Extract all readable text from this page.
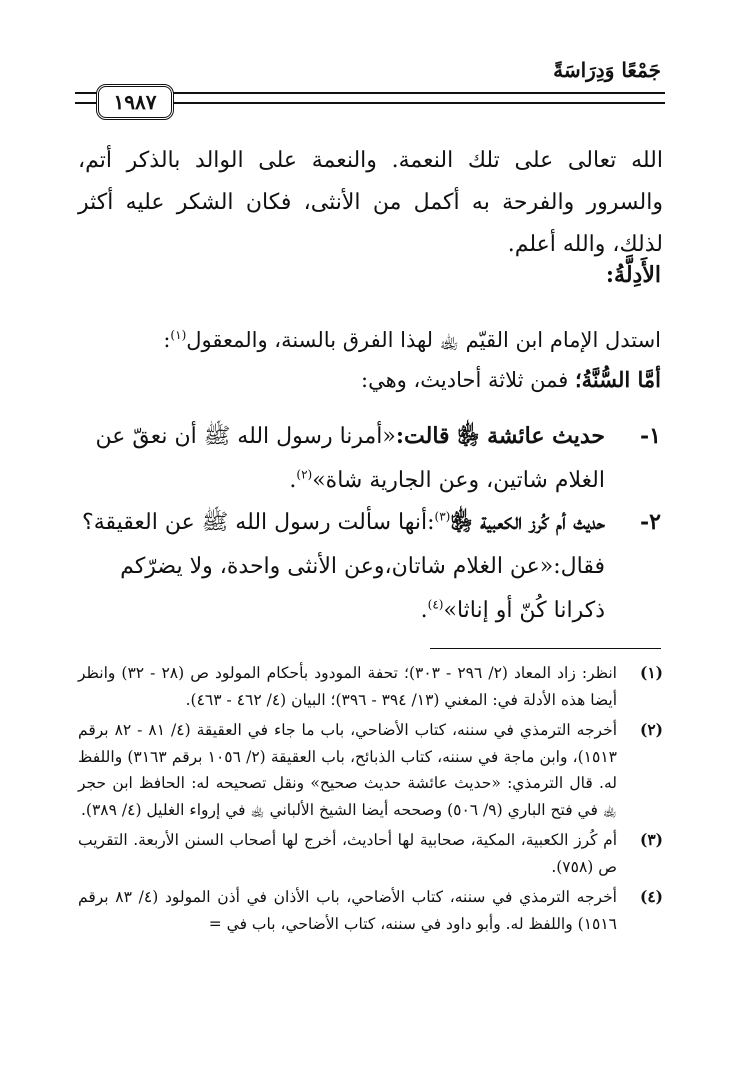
جَمْعًا وَدِرَاسَةً
١٩٨٧
الله تعالى على تلك النعمة. والنعمة على الوالد بالذكر أتم، والسرور والفرحة به أكمل من الأنثى، فكان الشكر عليه أكثر لذلك، والله أعلم.
الأَدِلَّةُ:
استدل الإمام ابن القيّم ﵀ لهذا الفرق بالسنة، والمعقول$^{(١)}$:
أمَّا السُّنَّةُ؛ فمن ثلاثة أحاديث، وهي:
١-
حديث عائشة ﵂ قالت:«أمرنا رسول الله ﷺ أن نعقّ عن الغلام شاتين، وعن الجارية شاة»$^{(٢)}$.
٢-
حديث أم كُرز الكعبية ﵂$^{(٣)}$:أنها سألت رسول الله ﷺ عن العقيقة؟فقال:«عن الغلام شاتان،وعن الأنثى واحدة، ولا يضرّكم ذكرانا كُنّ أو إناثا»$^{(٤)}$.
(١)
انظر: زاد المعاد (٢/ ٢٩٦ - ٣٠٣)؛ تحفة المودود بأحكام المولود ص (٢٨ - ٣٢) وانظر أيضا هذه الأدلة في: المغني (١٣/ ٣٩٤ - ٣٩٦)؛ البيان (٤/ ٤٦٢ - ٤٦٣).
(٢)
أخرجه الترمذي في سننه، كتاب الأضاحي، باب ما جاء في العقيقة (٤/ ٨١ - ٨٢ برقم ١٥١٣)، وابن ماجة في سننه، كتاب الذبائح، باب العقيقة (٢/ ١٠٥٦ برقم ٣١٦٣) واللفظ له. قال الترمذي: «حديث عائشة حديث صحيح» ونقل تصحيحه له: الحافظ ابن حجر ﵀ في فتح الباري (٩/ ٥٠٦) وصححه أيضا الشيخ الألباني ﵀ في إرواء الغليل (٤/ ٣٨٩).
(٣)
أم كُرز الكعبية، المكية، صحابية لها أحاديث، أخرج لها أصحاب السنن الأربعة. التقريب ص (٧٥٨).
(٤)
أخرجه الترمذي في سننه، كتاب الأضاحي، باب الأذان في أذن المولود (٤/ ٨٣ برقم ١٥١٦) واللفظ له. وأبو داود في سننه، كتاب الأضاحي، باب في =
